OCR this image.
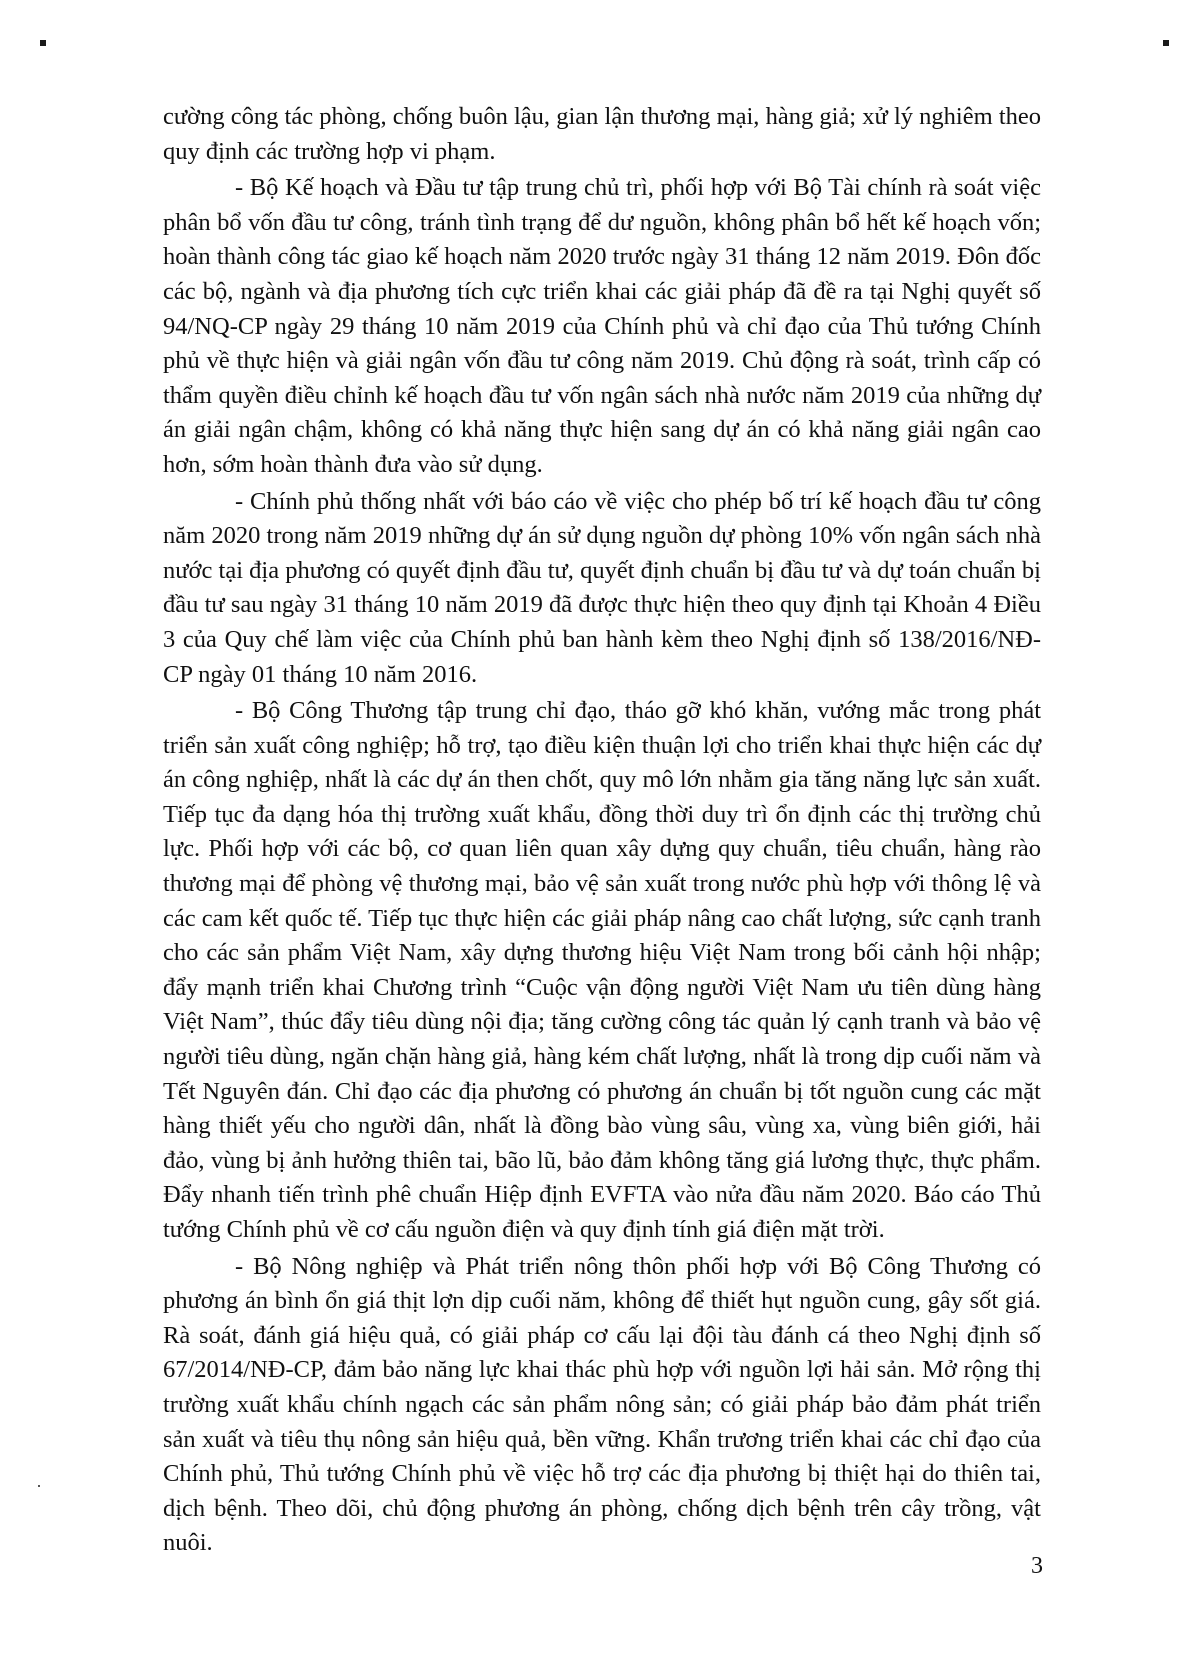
cường công tác phòng, chống buôn lậu, gian lận thương mại, hàng giả; xử lý nghiêm theo quy định các trường hợp vi phạm.

- Bộ Kế hoạch và Đầu tư tập trung chủ trì, phối hợp với Bộ Tài chính rà soát việc phân bổ vốn đầu tư công, tránh tình trạng để dư nguồn, không phân bổ hết kế hoạch vốn; hoàn thành công tác giao kế hoạch năm 2020 trước ngày 31 tháng 12 năm 2019. Đôn đốc các bộ, ngành và địa phương tích cực triển khai các giải pháp đã đề ra tại Nghị quyết số 94/NQ-CP ngày 29 tháng 10 năm 2019 của Chính phủ và chỉ đạo của Thủ tướng Chính phủ về thực hiện và giải ngân vốn đầu tư công năm 2019. Chủ động rà soát, trình cấp có thẩm quyền điều chỉnh kế hoạch đầu tư vốn ngân sách nhà nước năm 2019 của những dự án giải ngân chậm, không có khả năng thực hiện sang dự án có khả năng giải ngân cao hơn, sớm hoàn thành đưa vào sử dụng.

- Chính phủ thống nhất với báo cáo về việc cho phép bố trí kế hoạch đầu tư công năm 2020 trong năm 2019 những dự án sử dụng nguồn dự phòng 10% vốn ngân sách nhà nước tại địa phương có quyết định đầu tư, quyết định chuẩn bị đầu tư và dự toán chuẩn bị đầu tư sau ngày 31 tháng 10 năm 2019 đã được thực hiện theo quy định tại Khoản 4 Điều 3 của Quy chế làm việc của Chính phủ ban hành kèm theo Nghị định số 138/2016/NĐ-CP ngày 01 tháng 10 năm 2016.

- Bộ Công Thương tập trung chỉ đạo, tháo gỡ khó khăn, vướng mắc trong phát triển sản xuất công nghiệp; hỗ trợ, tạo điều kiện thuận lợi cho triển khai thực hiện các dự án công nghiệp, nhất là các dự án then chốt, quy mô lớn nhằm gia tăng năng lực sản xuất. Tiếp tục đa dạng hóa thị trường xuất khẩu, đồng thời duy trì ổn định các thị trường chủ lực. Phối hợp với các bộ, cơ quan liên quan xây dựng quy chuẩn, tiêu chuẩn, hàng rào thương mại để phòng vệ thương mại, bảo vệ sản xuất trong nước phù hợp với thông lệ và các cam kết quốc tế. Tiếp tục thực hiện các giải pháp nâng cao chất lượng, sức cạnh tranh cho các sản phẩm Việt Nam, xây dựng thương hiệu Việt Nam trong bối cảnh hội nhập; đẩy mạnh triển khai Chương trình “Cuộc vận động người Việt Nam ưu tiên dùng hàng Việt Nam”, thúc đẩy tiêu dùng nội địa; tăng cường công tác quản lý cạnh tranh và bảo vệ người tiêu dùng, ngăn chặn hàng giả, hàng kém chất lượng, nhất là trong dịp cuối năm và Tết Nguyên đán. Chỉ đạo các địa phương có phương án chuẩn bị tốt nguồn cung các mặt hàng thiết yếu cho người dân, nhất là đồng bào vùng sâu, vùng xa, vùng biên giới, hải đảo, vùng bị ảnh hưởng thiên tai, bão lũ, bảo đảm không tăng giá lương thực, thực phẩm. Đẩy nhanh tiến trình phê chuẩn Hiệp định EVFTA vào nửa đầu năm 2020. Báo cáo Thủ tướng Chính phủ về cơ cấu nguồn điện và quy định tính giá điện mặt trời.

- Bộ Nông nghiệp và Phát triển nông thôn phối hợp với Bộ Công Thương có phương án bình ổn giá thịt lợn dịp cuối năm, không để thiết hụt nguồn cung, gây sốt giá. Rà soát, đánh giá hiệu quả, có giải pháp cơ cấu lại đội tàu đánh cá theo Nghị định số 67/2014/NĐ-CP, đảm bảo năng lực khai thác phù hợp với nguồn lợi hải sản. Mở rộng thị trường xuất khẩu chính ngạch các sản phẩm nông sản; có giải pháp bảo đảm phát triển sản xuất và tiêu thụ nông sản hiệu quả, bền vững. Khẩn trương triển khai các chỉ đạo của Chính phủ, Thủ tướng Chính phủ về việc hỗ trợ các địa phương bị thiệt hại do thiên tai, dịch bệnh. Theo dõi, chủ động phương án phòng, chống dịch bệnh trên cây trồng, vật nuôi.

3
